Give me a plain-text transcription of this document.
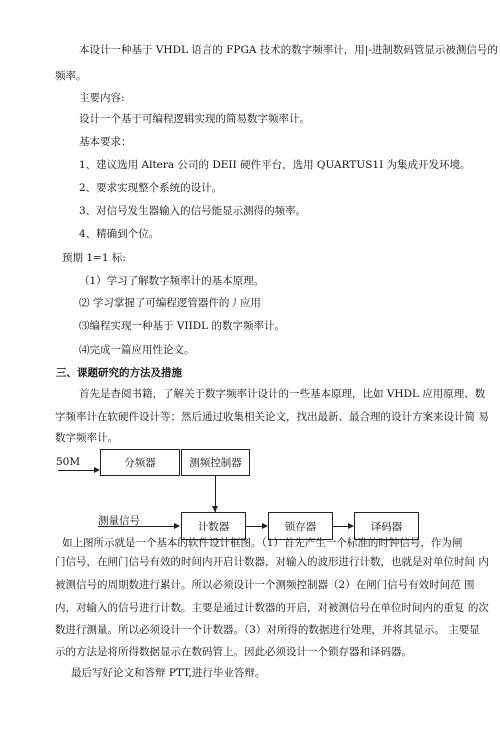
本设计一种基于 VHDL 语言的 FPGA 技术的数字频率计，用|-进制数码管显示被测信号的
频率。
主要内容:
设计一个基于可编程逻辑实现的简易数字频率计。
基本要求：
1、建议选用 Altera 公司的 DEII 硬件平台，选用 QUARTUS1I 为集成开发环境。
2、要求实现整个系统的设计。
3、对信号发生器输入的信号能显示测得的频率。
4、精确到个位。
预期 1=1 标:
（1）学习了解数字频率计的基本原理。
⑵ 学习掌握了可编程逻管器件的丿应用
⑶编程实现一种基于 VIIDL 的数字频率计。
⑷完成一篇应用性论文。
三、课题研究的方法及措施
首先是杳阅书籍，了解关于数字频率计设计的一些基本原理，比如 VHDL 应用原理、数
字频率计在软硬件设计等；然后通过收集相关论文，找出最新、最合理的设计方案来设计简 易
数字频率计。
50M	分频器	测频控制器
测量信号	计数器	锁存器	译码器
如上图所示就是一个基本的软件设计框图。（1）首先产生一个标准的时钟信号，作为闸
门信号，在闸门信号有效的时间内开启计数器，对输入的波形进行计数，也就是对单位时间 内
被测信号的周期数进行累计。所以必须设计一个测频控制器（2）在闸门信号有效时间范 围
内，对输入的信号进行计数。主要是通过计数器的开启，对被测信号在单位时间内的重复 的次
数进行测量。所以必须设计一个计数器。（3）对所得的数据进行处理，并将其显示。 主要显
示的方法是将所得数据显示在数码管上。因此必须设计一个锁存器和译码器。
最后写好论文和答辩 PTT,进行毕业答辩。
